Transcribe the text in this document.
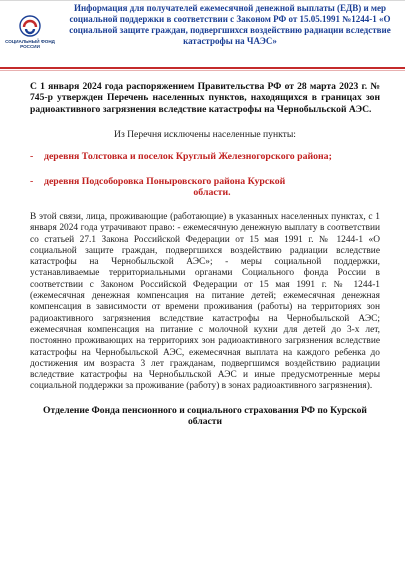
СОЦИАЛЬНЫЙ ФОНД РОССИИ
Информация для получателей ежемесячной денежной выплаты (ЕДВ) и мер социальной поддержки в соответствии с Законом РФ от 15.05.1991 №1244-1 «О социальной защите граждан, подвергшихся воздействию радиации вследствие катастрофы на ЧАЭС»

С 1 января 2024 года распоряжением Правительства РФ от 28 марта 2023 г. № 745-р утвержден Перечень населенных пунктов, находящихся в границах зон радиоактивного загрязнения вследствие катастрофы на Чернобыльской АЭС.

Из Перечня исключены населенные пункты:

- деревня Толстовка и поселок Круглый Железногорского района;
- деревня Подсоборовка Поныровского района Курской
области.

В этой связи, лица, проживающие (работающие) в указанных населенных пунктах, с 1 января 2024 года утрачивают право: - ежемесячную денежную выплату в соответствии со статьей 27.1 Закона Российской Федерации от 15 мая 1991 г. № 1244-1 «О социальной защите граждан, подвергшихся воздействию радиации вследствие катастрофы на Чернобыльской АЭС»; - меры социальной поддержки, устанавливаемые территориальными органами Социального фонда России в соответствии с Законом Российской Федерации от 15 мая 1991 г. № 1244-1 (ежемесячная денежная компенсация на питание детей; ежемесячная денежная компенсация в зависимости от времени проживания (работы) на территориях зон радиоактивного загрязнения вследствие катастрофы на Чернобыльской АЭС; ежемесячная компенсация на питание с молочной кухни для детей до 3-х лет, постоянно проживающих на территориях зон радиоактивного загрязнения вследствие катастрофы на Чернобыльской АЭС, ежемесячная выплата на каждого ребенка до достижения им возраста 3 лет гражданам, подвергшимся воздействию радиации вследствие катастрофы на Чернобыльской АЭС и иные предусмотренные меры социальной поддержки за проживание (работу) в зонах радиоактивного загрязнения).

Отделение Фонда пенсионного и социального страхования РФ по Курской области
